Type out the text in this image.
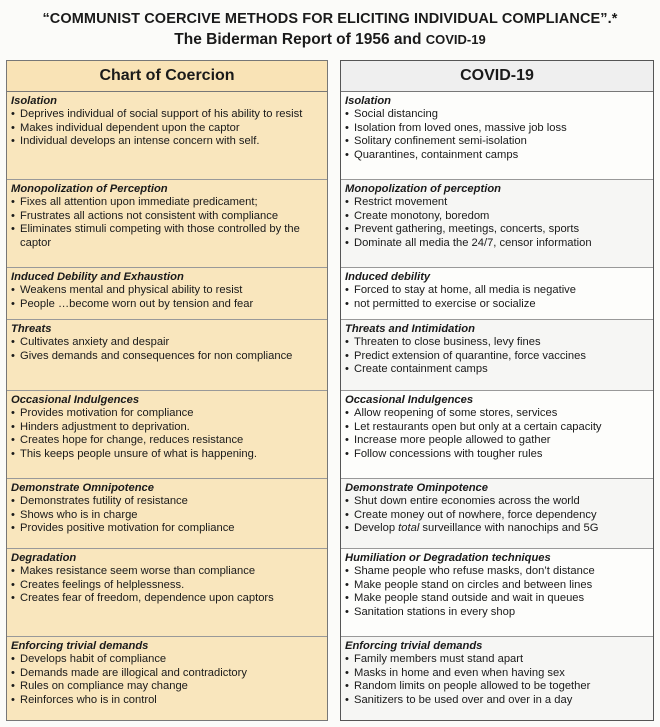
“COMMUNIST COERCIVE METHODS FOR ELICITING INDIVIDUAL COMPLIANCE”.*
The Biderman Report of 1956 and COVID-19
Chart of Coercion
Isolation
• Deprives individual of social support of his ability to resist
• Makes individual dependent upon the captor
• Individual develops an intense concern with self.
Monopolization of Perception
• Fixes all attention upon immediate predicament;
• Frustrates all actions not consistent with compliance
• Eliminates stimuli competing with those controlled by the captor
Induced Debility and Exhaustion
• Weakens mental and physical ability to resist
• People …become worn out by tension and fear
Threats
• Cultivates anxiety and despair
• Gives demands and consequences for non compliance
Occasional Indulgences
• Provides motivation for compliance
• Hinders adjustment to deprivation.
• Creates hope for change, reduces resistance
• This keeps people unsure of what is happening.
Demonstrate Omnipotence
• Demonstrates futility of resistance
• Shows who is in charge
• Provides positive motivation for compliance
Degradation
• Makes resistance seem worse than compliance
• Creates feelings of helplessness.
• Creates fear of freedom, dependence upon captors
Enforcing trivial demands
• Develops habit of compliance
• Demands made are illogical and contradictory
• Rules on compliance may change
• Reinforces who is in control
COVID-19
Isolation
• Social distancing
• Isolation from loved ones, massive job loss
• Solitary confinement semi-isolation
• Quarantines, containment camps
Monopolization of perception
• Restrict movement
• Create monotony, boredom
• Prevent gathering, meetings, concerts, sports
• Dominate all media the 24/7, censor information
Induced debility
• Forced to stay at home, all media is negative
• not permitted to exercise or socialize
Threats and Intimidation
• Threaten to close business, levy fines
• Predict extension of quarantine, force vaccines
• Create containment camps
Occasional Indulgences
• Allow reopening of some stores, services
• Let restaurants open but only at a certain capacity
• Increase more people allowed to gather
• Follow concessions with tougher rules
Demonstrate Ominpotence
• Shut down entire economies across the world
• Create money out of nowhere, force dependency
• Develop total surveillance with nanochips and 5G
Humiliation or Degradation techniques
• Shame people who refuse masks, don’t distance
• Make people stand on circles and between lines
• Make people stand outside and wait in queues
• Sanitation stations in every shop
Enforcing trivial demands
• Family members must stand apart
• Masks in home and even when having sex
• Random limits on people allowed to be together
• Sanitizers to be used over and over in a day
